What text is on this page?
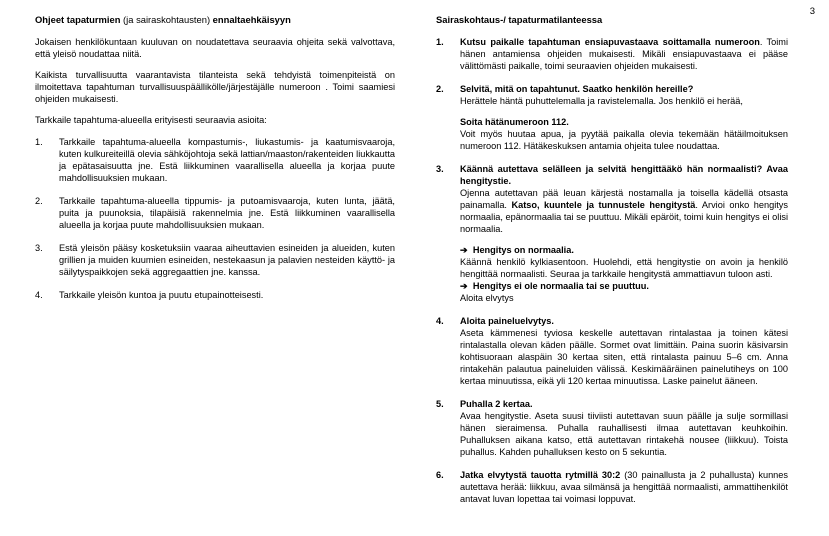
3
Ohjeet tapaturmien (ja sairaskohtausten) ennaltaehkäisyyn

Jokaisen henkilökuntaan kuuluvan on noudatettava seuraavia ohjeita sekä valvottava, että yleisö noudattaa niitä.

Kaikista turvallisuutta vaarantavista tilanteista sekä tehdyistä toimenpiteistä on ilmoitettava tapahtuman turvallisuuspäällikölle/järjestäjälle numeroon . Toimi saamiesi ohjeiden mukaisesti.

Tarkkaile tapahtuma-alueella erityisesti seuraavia asioita:

1. Tarkkaile tapahtuma-alueella kompastumis-, liukastumis- ja kaatumisvaaroja, kuten kulkureiteillä olevia sähköjohtoja sekä lattian/maaston/rakenteiden liukkautta ja epätasaisuutta jne. Estä liikkuminen vaarallisella alueella ja korjaa puute mahdollisuuksien mukaan.

2. Tarkkaile tapahtuma-alueella tippumis- ja putoamisvaaroja, kuten lunta, jäätä, puita ja puunoksia, tilapäisiä rakennelmia jne. Estä liikkuminen vaarallisella alueella ja korjaa puute mahdollisuuksien mukaan.

3. Estä yleisön pääsy kosketuksiin vaaraa aiheuttavien esineiden ja alueiden, kuten grillien ja muiden kuumien esineiden, nestekaasun ja palavien nesteiden käyttö- ja säilytyspaikkojen sekä aggregaattien jne. kanssa.

4. Tarkkaile yleisön kuntoa ja puutu etupainotteisesti.

Sairaskohtaus-/ tapaturmatilanteessa
1. Kutsu paikalle tapahtuman ensiapuvastaava soittamalla numeroon. Toimi hänen antamiensa ohjeiden mukaisesti. Mikäli ensiapuvastaava ei pääse välittömästi paikalle, toimi seuraavien ohjeiden mukaisesti.

2. Selvitä, mitä on tapahtunut. Saatko henkilön hereille?
Herättele häntä puhuttelemalla ja ravistelemalla. Jos henkilö ei herää,

Soita hätänumeroon 112.
Voit myös huutaa apua, ja pyytää paikalla olevia tekemään hätäilmoituksen numeroon 112. Hätäkeskuksen antamia ohjeita tulee noudattaa.

3. Käännä autettava selälleen ja selvitä hengittääkö hän normaalisti? Avaa hengitystie.
Ojenna autettavan pää leuan kärjestä nostamalla ja toisella kädellä otsasta painamalla. Katso, kuuntele ja tunnustele hengitystä. Arvioi onko hengitys normaalia, epänormaalia tai se puuttuu. Mikäli epäröit, toimi kuin hengitys ei olisi normaalia.

➔ Hengitys on normaalia.
Käännä henkilö kylkiasentoon. Huolehdi, että hengitystie on avoin ja henkilö hengittää normaalisti. Seuraa ja tarkkaile hengitystä ammattiavun tuloon asti.

➔ Hengitys ei ole normaalia tai se puuttuu.
Aloita elvytys

4. Aloita paineluelvytys.
Aseta kämmenesi tyviosa keskelle autettavan rintalastaa ja toinen kätesi rintalastalla olevan käden päälle. Sormet ovat limittäin. Paina suorin käsivarsin kohtisuoraan alaspäin 30 kertaa siten, että rintalasta painuu 5–6 cm. Anna rintakehän palautua paineluiden välissä. Keskimääräinen painelutiheys on 100 kertaa minuutissa, eikä yli 120 kertaa minuutissa. Laske painelut ääneen.

5. Puhalla 2 kertaa.
Avaa hengitystie. Aseta suusi tiiviisti autettavan suun päälle ja sulje sormillasi hänen sieraimensa. Puhalla rauhallisesti ilmaa autettavan keuhkoihin. Puhalluksen aikana katso, että autettavan rintakehä nousee (liikkuu). Toista puhallus. Kahden puhalluksen kesto on 5 sekuntia.

6. Jatka elvytystä tauotta rytmillä 30:2 (30 painallusta ja 2 puhallusta) kunnes autettava herää: liikkuu, avaa silmänsä ja hengittää normaalisti, ammattihenkilöt antavat luvan lopettaa tai voimasi loppuvat.
